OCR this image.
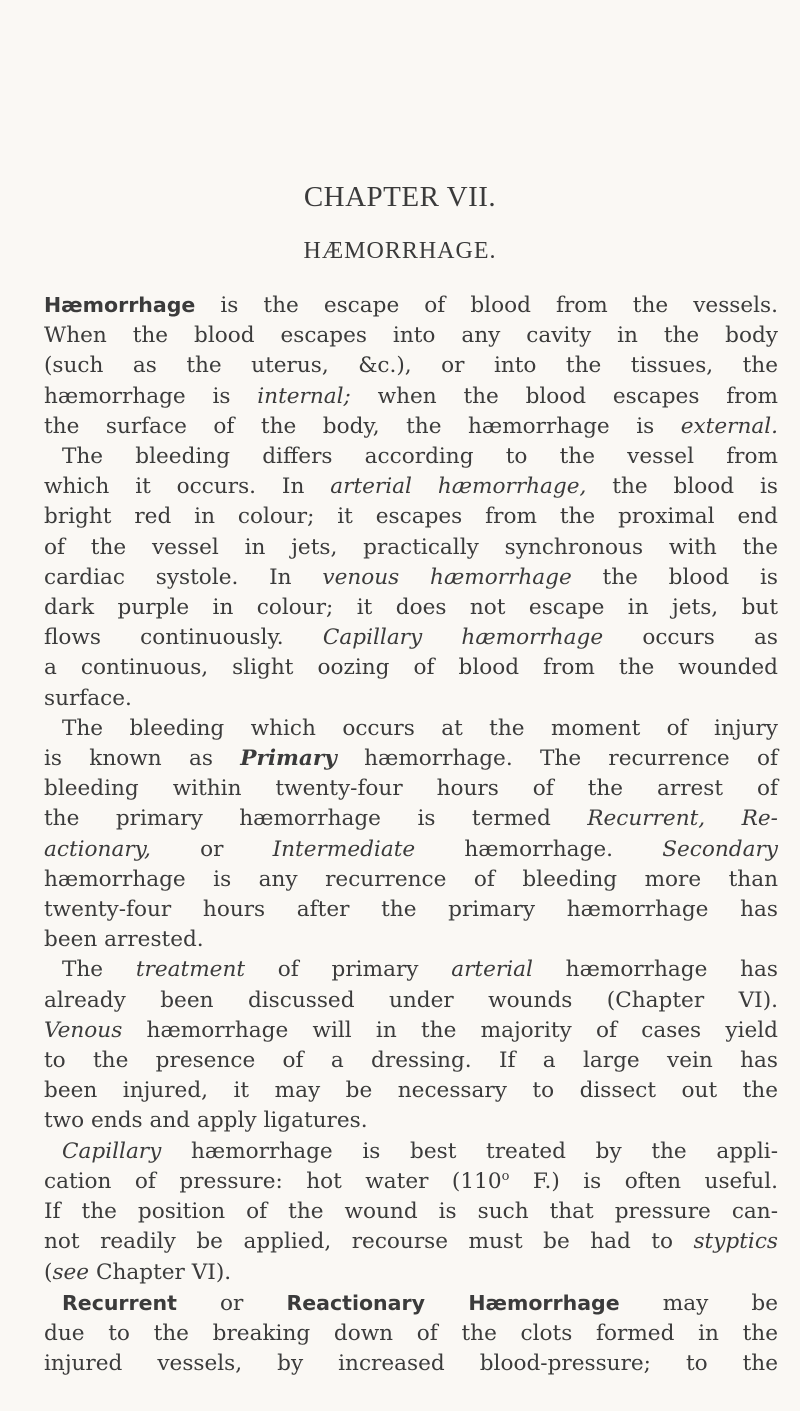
CHAPTER VII.
HÆMORRHAGE.
Hæmorrhage is the escape of blood from the vessels.
When the blood escapes into any cavity in the body
(such as the uterus, &c.), or into the tissues, the
hæmorrhage is internal; when the blood escapes from
the surface of the body, the hæmorrhage is external.
The bleeding differs according to the vessel from
which it occurs. In arterial hæmorrhage, the blood is
bright red in colour; it escapes from the proximal end
of the vessel in jets, practically synchronous with the
cardiac systole. In venous hæmorrhage the blood is
dark purple in colour; it does not escape in jets, but
flows continuously. Capillary hæmorrhage occurs as
a continuous, slight oozing of blood from the wounded
surface.
The bleeding which occurs at the moment of injury
is known as Primary hæmorrhage. The recurrence of
bleeding within twenty-four hours of the arrest of
the primary hæmorrhage is termed Recurrent, Re-
actionary, or Intermediate hæmorrhage. Secondary
hæmorrhage is any recurrence of bleeding more than
twenty-four hours after the primary hæmorrhage has
been arrested.
The treatment of primary arterial hæmorrhage has
already been discussed under wounds (Chapter VI).
Venous hæmorrhage will in the majority of cases yield
to the presence of a dressing. If a large vein has
been injured, it may be necessary to dissect out the
two ends and apply ligatures.
Capillary hæmorrhage is best treated by the appli-
cation of pressure: hot water (110$^o$ F.) is often useful.
If the position of the wound is such that pressure can-
not readily be applied, recourse must be had to styptics
(see Chapter VI).
Recurrent or Reactionary Hæmorrhage may be
due to the breaking down of the clots formed in the
injured vessels, by increased blood-pressure; to the
